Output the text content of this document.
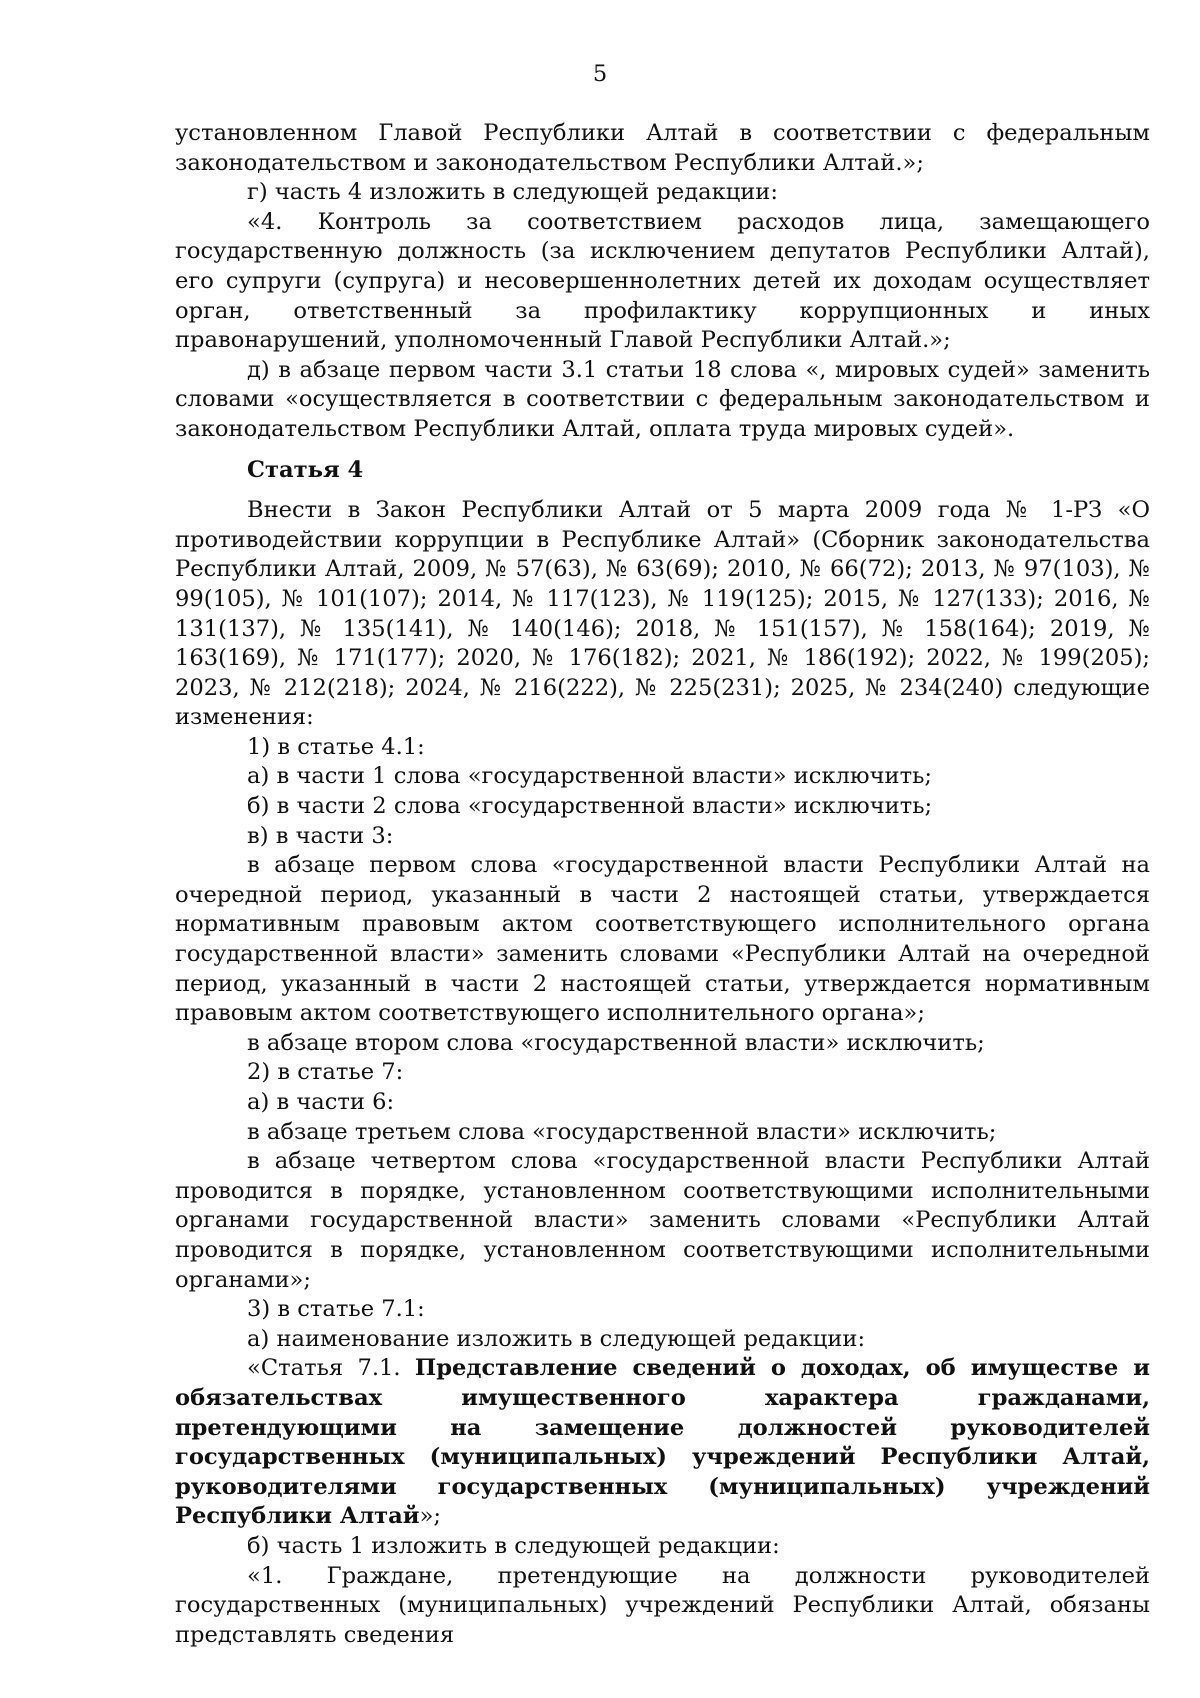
5

установленном Главой Республики Алтай в соответствии с федеральным законодательством и законодательством Республики Алтай.»;

г) часть 4 изложить в следующей редакции:

«4. Контроль за соответствием расходов лица, замещающего государственную должность (за исключением депутатов Республики Алтай), его супруги (супруга) и несовершеннолетних детей их доходам осуществляет орган, ответственный за профилактику коррупционных и иных правонарушений, уполномоченный Главой Республики Алтай.»;

д) в абзаце первом части 3.1 статьи 18 слова «, мировых судей» заменить словами «осуществляется в соответствии с федеральным законодательством и законодательством Республики Алтай, оплата труда мировых судей».

Статья 4

Внести в Закон Республики Алтай от 5 марта 2009 года № 1-РЗ «О противодействии коррупции в Республике Алтай» (Сборник законодательства Республики Алтай, 2009, № 57(63), № 63(69); 2010, № 66(72); 2013, № 97(103), № 99(105), № 101(107); 2014, № 117(123), № 119(125); 2015, № 127(133); 2016, № 131(137), № 135(141), № 140(146); 2018, № 151(157), № 158(164); 2019, № 163(169), № 171(177); 2020, № 176(182); 2021, № 186(192); 2022, № 199(205); 2023, № 212(218); 2024, № 216(222), № 225(231); 2025, № 234(240) следующие изменения:

1) в статье 4.1:

а) в части 1 слова «государственной власти» исключить;

б) в части 2 слова «государственной власти» исключить;

в) в части 3:

в абзаце первом слова «государственной власти Республики Алтай на очередной период, указанный в части 2 настоящей статьи, утверждается нормативным правовым актом соответствующего исполнительного органа государственной власти» заменить словами «Республики Алтай на очередной период, указанный в части 2 настоящей статьи, утверждается нормативным правовым актом соответствующего исполнительного органа»;

в абзаце втором слова «государственной власти» исключить;

2) в статье 7:

а) в части 6:

в абзаце третьем слова «государственной власти» исключить;

в абзаце четвертом слова «государственной власти Республики Алтай проводится в порядке, установленном соответствующими исполнительными органами государственной власти» заменить словами «Республики Алтай проводится в порядке, установленном соответствующими исполнительными органами»;

3) в статье 7.1:

а) наименование изложить в следующей редакции:

«Статья 7.1. Представление сведений о доходах, об имуществе и обязательствах имущественного характера гражданами, претендующими на замещение должностей руководителей государственных (муниципальных) учреждений Республики Алтай, руководителями государственных (муниципальных) учреждений Республики Алтай»;

б) часть 1 изложить в следующей редакции:

«1. Граждане, претендующие на должности руководителей государственных (муниципальных) учреждений Республики Алтай, обязаны представлять сведения
